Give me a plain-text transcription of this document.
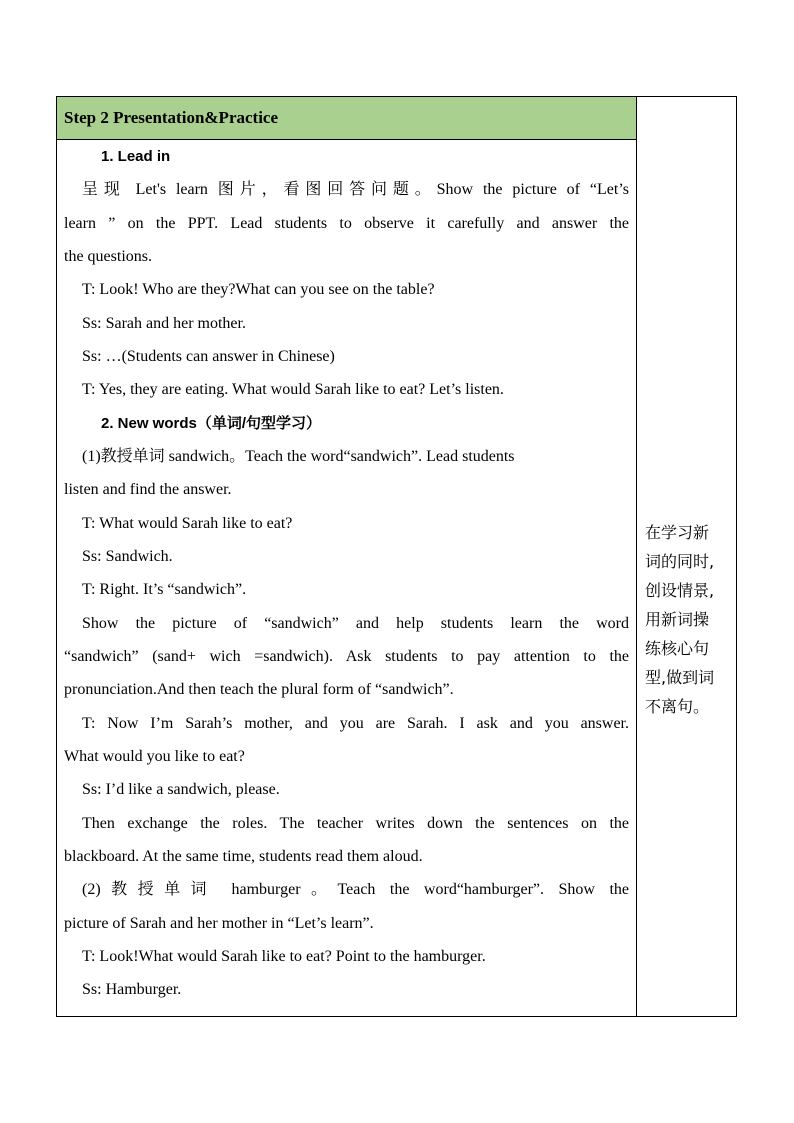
Step 2 Presentation&Practice
1. Lead in
呈现 Let's learn 图片，看图回答问题。Show the picture of “Let’s
learn ” on the PPT. Lead students to observe it carefully and answer the
the questions.
T: Look! Who are they?What can you see on the table?
Ss: Sarah and her mother.
Ss: …(Students can answer in Chinese)
T: Yes, they are eating. What would Sarah like to eat? Let’s listen.
2. New words（单词/句型学习）
(1)教授单词 sandwich。Teach the word“sandwich”. Lead students
listen and find the answer.
T: What would Sarah like to eat?
Ss: Sandwich.
T: Right. It’s “sandwich”.
Show the picture of “sandwich” and help students learn the word
“sandwich” (sand+ wich =sandwich). Ask students to pay attention to the
pronunciation.And then teach the plural form of “sandwich”.
T: Now I’m Sarah’s mother, and you are Sarah. I ask and you answer.
What would you like to eat?
Ss: I’d like a sandwich, please.
Then exchange the roles. The teacher writes down the sentences on the
blackboard. At the same time, students read them aloud.
(2)教授单词 hamburger。Teach the word“hamburger”. Show the
picture of Sarah and her mother in “Let’s learn”.
T: Look!What would Sarah like to eat? Point to the hamburger.
Ss: Hamburger.
在学习新
词的同时,
创设情景,
用新词操
练核心句
型,做到词
不离句。
